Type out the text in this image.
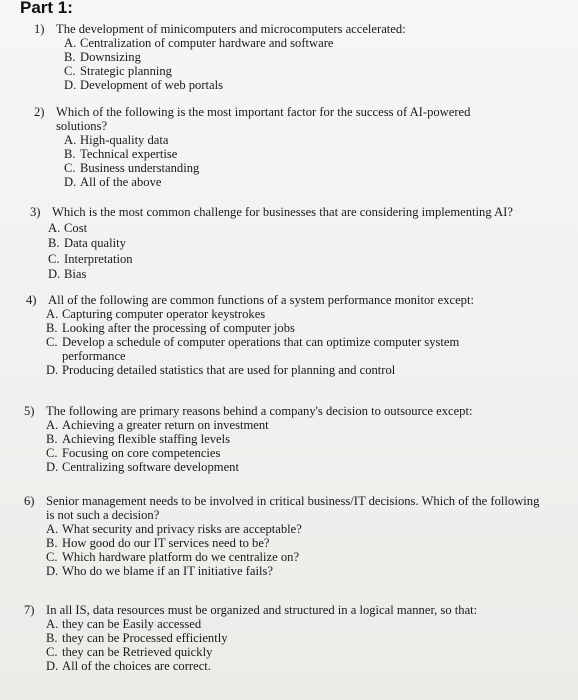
Part 1:
1) The development of minicomputers and microcomputers accelerated:
A. Centralization of computer hardware and software
B. Downsizing
C. Strategic planning
D. Development of web portals
2) Which of the following is the most important factor for the success of AI-powered solutions?
A. High-quality data
B. Technical expertise
C. Business understanding
D. All of the above
3) Which is the most common challenge for businesses that are considering implementing AI?
A. Cost
B. Data quality
C. Interpretation
D. Bias
4) All of the following are common functions of a system performance monitor except:
A. Capturing computer operator keystrokes
B. Looking after the processing of computer jobs
C. Develop a schedule of computer operations that can optimize computer system performance
D. Producing detailed statistics that are used for planning and control
5) The following are primary reasons behind a company's decision to outsource except:
A. Achieving a greater return on investment
B. Achieving flexible staffing levels
C. Focusing on core competencies
D. Centralizing software development
6) Senior management needs to be involved in critical business/IT decisions. Which of the following is not such a decision?
A. What security and privacy risks are acceptable?
B. How good do our IT services need to be?
C. Which hardware platform do we centralize on?
D. Who do we blame if an IT initiative fails?
7) In all IS, data resources must be organized and structured in a logical manner, so that:
A. they can be Easily accessed
B. they can be Processed efficiently
C. they can be Retrieved quickly
D. All of the choices are correct.
